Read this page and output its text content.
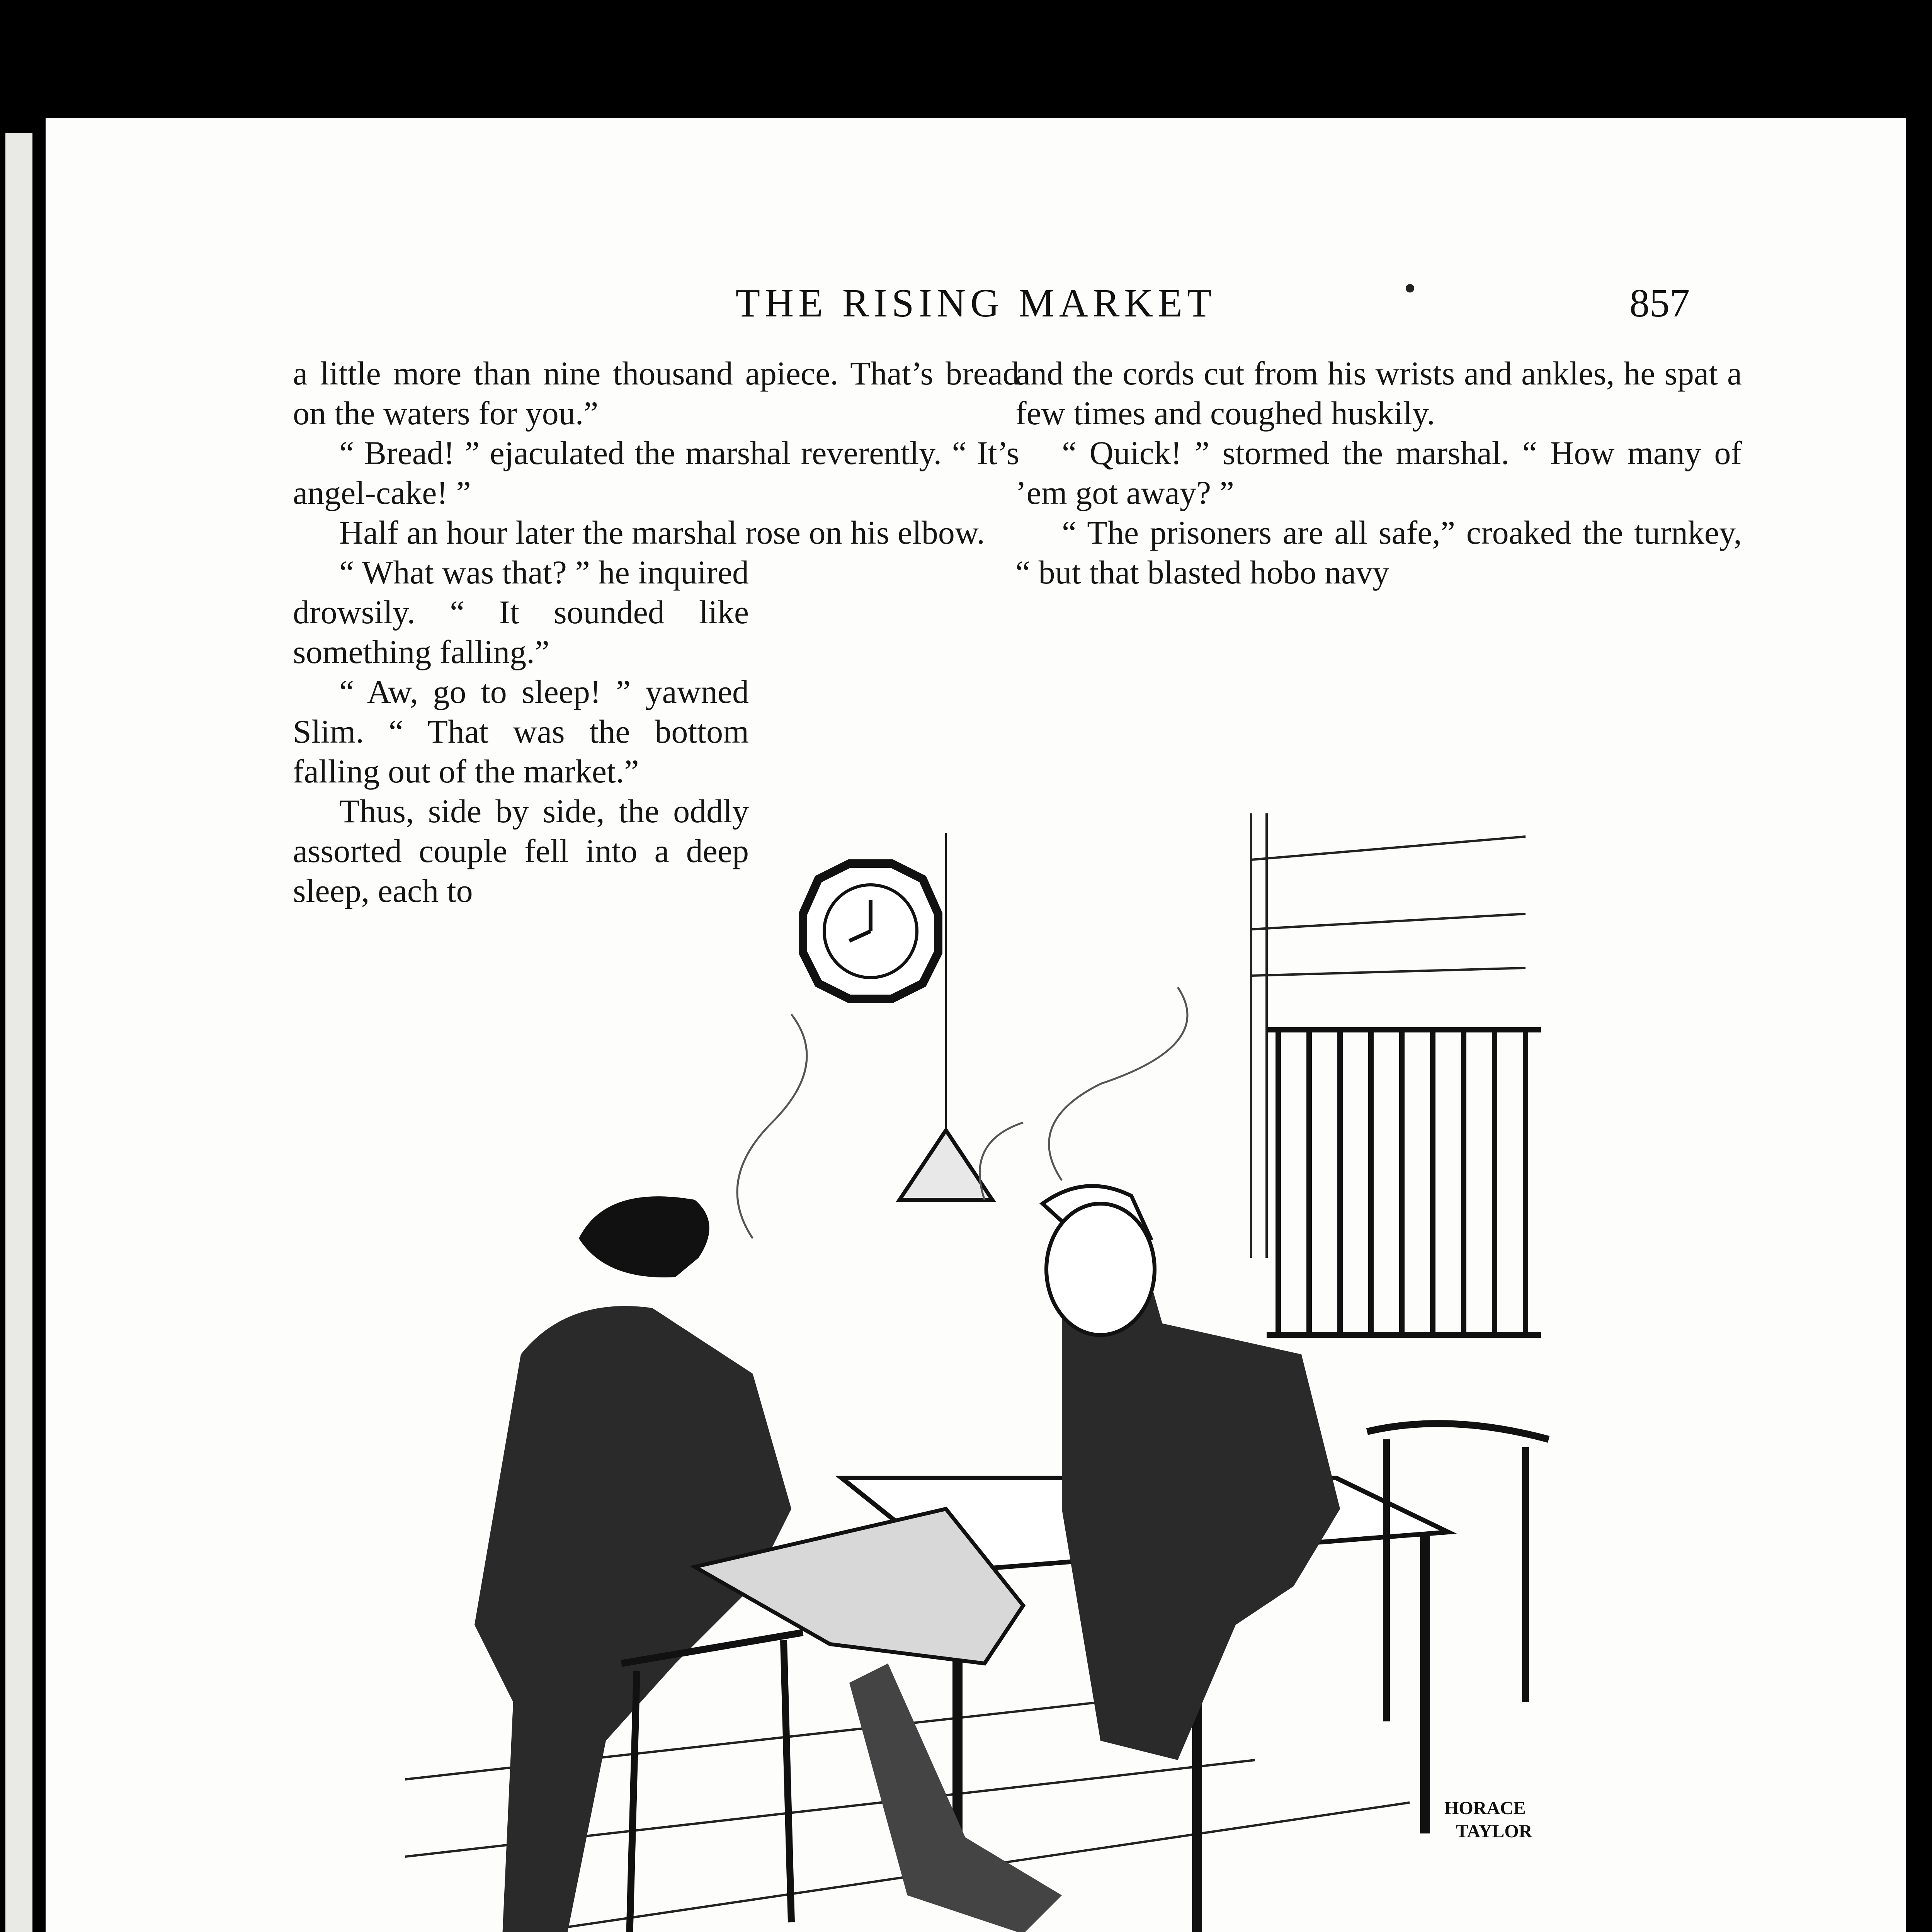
THE RISING MARKET	857

a little more than nine thousand apiece. That’s bread on the waters for you.”

“ Bread! ” ejaculated the marshal reverently. “ It’s angel-cake! ”

Half an hour later the marshal rose on his elbow.

“ What was that? ” he inquired drowsily. “ It sounded like something falling.”

“ Aw, go to sleep! ” yawned Slim. “ That was the bottom falling out of the market.”

Thus, side by side, the oddly assorted couple fell into a deep sleep, each to

and the cords cut from his wrists and ankles, he spat a few times and coughed huskily.

“ Quick! ” stormed the marshal. “ How many of ’em got away? ”

“ The prisoners are all safe,” croaked the turnkey, “ but that blasted hobo navy

HORACE
TAYLOR
